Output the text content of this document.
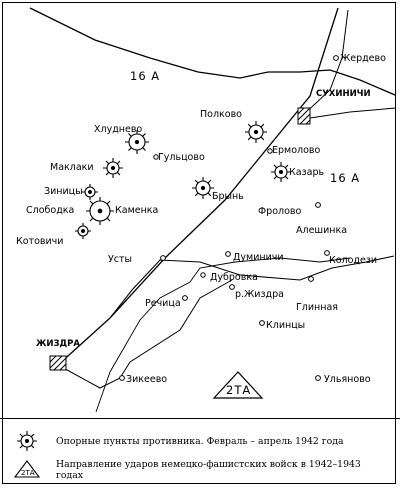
16 А
16 А
2ТА
Жердево
СУХИНИЧИ
Полково
Хлуднево
Гульцово
Ермолово
Казарь
Маклаки
Зиницы
Слободка	Каменка
Брынь
Фролово
Котовичи
Алешинка
Усты	Думиничи	Колодези
Дубровка
р.Жиздра
Речица	Глинная
Клинцы
ЖИЗДРА
Зикеево	Ульяново
Опорные пункты противника. Февраль – апрель 1942 года
2ТА
Направление ударов немецко-фашистских войск в 1942–1943 годах
